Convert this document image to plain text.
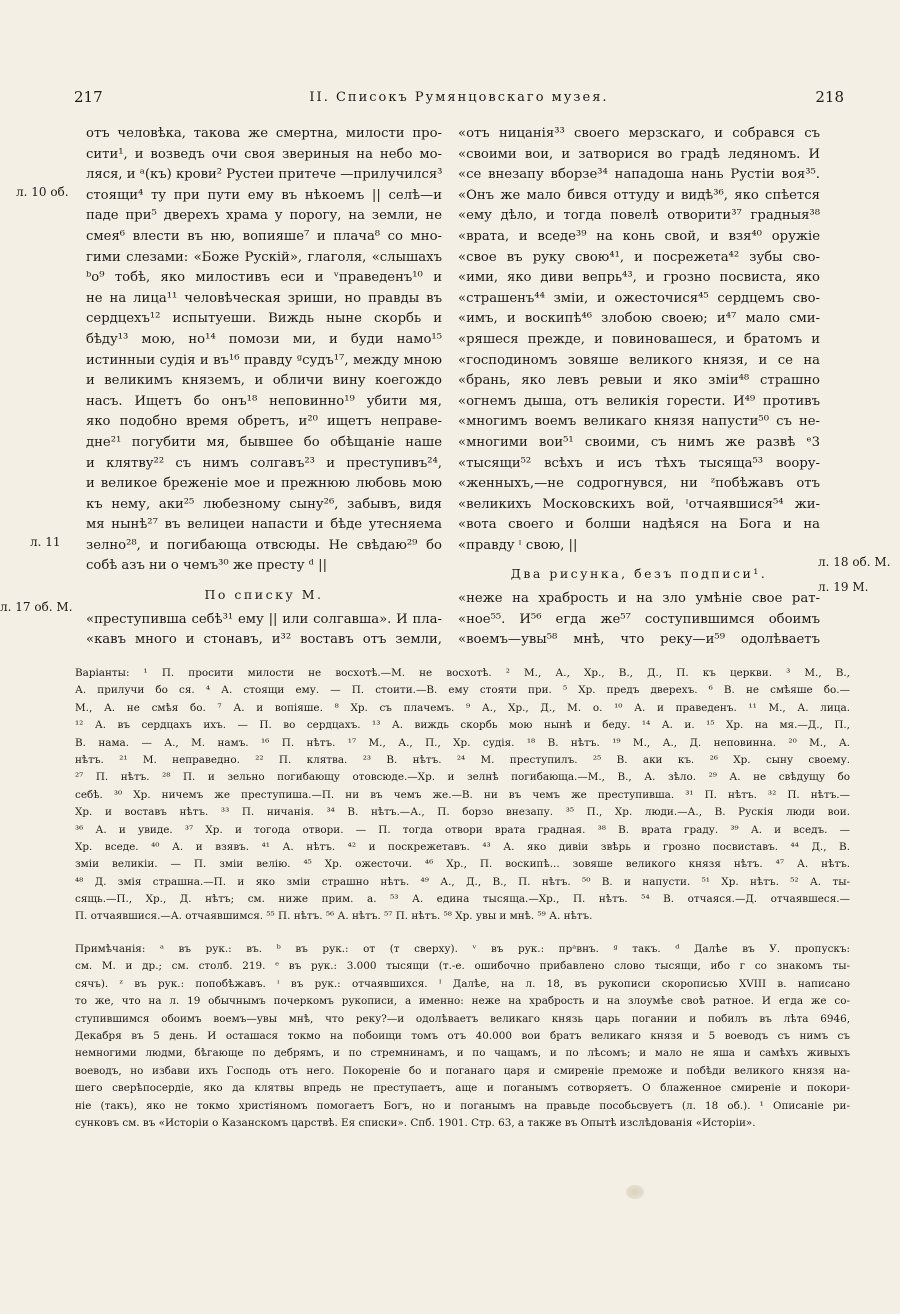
217	II. Списокъ Румянцовскаго музея.	218
л. 10 об.
л. 11
л. 17 об. М.
л. 18 об. М.
л. 19 М.
отъ человѣка, такова же смертна, милости про-
сити¹, и возведъ очи своя звериныя на небо мо-
ляся, и ᵃ(къ) крови² Рустеи притече —прилучился³
стоящи⁴ ту при пути ему въ нѣкоемъ || селѣ—и
паде при⁵ дверехъ храма у порогу, на земли, не
смея⁶ влести въ ню, вопияше⁷ и плача⁸ со мно-
гими слезами: «Боже Рускій», глаголя, «слышахъ
ᵇо⁹ тобѣ, яко милостивъ еси и ᵛправеденъ¹⁰ и
не на лица¹¹ человѣческая зриши, но правды въ
сердцехъ¹² испытуеши. Виждь ныне скорбь и
бѣду¹³ мою, но¹⁴ помози ми, и буди намо¹⁵
истинныи судія и въ¹⁶ правду ᵍсудъ¹⁷, между мною
и великимъ княземъ, и обличи вину коегождо
насъ. Ищетъ бо онъ¹⁸ неповинно¹⁹ убити мя,
яко подобно время обретъ, и²⁰ ищетъ неправе-
дне²¹ погубити мя, бывшее бо обѣщаніе наше
и клятву²² съ нимъ солгавъ²³ и преступивъ²⁴,
и великое бреженіе мое и прежнюю любовь мою
къ нему, аки²⁵ любезному сыну²⁶, забывъ, видя
мя нынѣ²⁷ въ велицеи напасти и бѣде утесняема
зелно²⁸, и погибающа отвсюды. Не свѣдаю²⁹ бо
собѣ азъ ни о чемъ³⁰ же престу ᵈ ||
По списку М.
«преступивша себѣ³¹ ему || или солгавша». И пла-
«кавъ много и стонавъ, и³² воставъ отъ земли,
«отъ ницанія³³ своего мерзскаго, и собрався съ
«своими вои, и затворися во градѣ ледяномъ. И
«се внезапу вборзе³⁴ нападоша нань Рустіи воя³⁵.
«Онъ же мало бився оттуду и видѣ³⁶, яко спѣется
«ему дѣло, и тогда повелѣ отворити³⁷ градныя³⁸
«врата, и вседе³⁹ на конь свой, и взя⁴⁰ оружіе
«свое въ руку свою⁴¹, и посрежета⁴² зубы сво-
«ими, яко диви вепрь⁴³, и грозно посвиста, яко
«страшенъ⁴⁴ зміи, и ожесточися⁴⁵ сердцемъ сво-
«имъ, и воскипѣ⁴⁶ злобою своею; и⁴⁷ мало сми-
«ряшеся прежде, и повиновашеся, и братомъ и
«господиномъ зовяше великого князя, и се на
«брань, яко левъ ревыи и яко зміи⁴⁸ страшно
«огнемъ дыша, отъ великія горести. И⁴⁹ противъ
«многимъ воемъ великаго князя напусти⁵⁰ съ не-
«многими вои⁵¹ своими, съ нимъ же развѣ ᵉ3
«тысящи⁵² всѣхъ и исъ тѣхъ тысяща⁵³ воору-
«женныхъ,—не содрогнувся, ни ᶻпобѣжавъ отъ
«великихъ Московскихъ вой, ᶦотчаявшися⁵⁴ жи-
«вота своего и болши надѣяся на Бога и на
«правду ᶦ свою, ||
Два рисунка, безъ подписи¹.
«неже на храбрость и на зло умѣніе свое рат-
«ное⁵⁵. И⁵⁶ егда же⁵⁷ соступившимся обоимъ
«воемъ—увы⁵⁸ мнѣ, что реку—и⁵⁹ одолѣваетъ
Варіанты: ¹ П. просити милости не восхотѣ.—М. не восхотѣ. ² М., А., Хр., В., Д., П. къ церкви. ³ М., В.,
А. прилучи бо ся. ⁴ А. стоящи ему. — П. стоити.—В. ему стояти при. ⁵ Хр. предъ дверехъ. ⁶ В. не смѣяше бо.—
М., А. не смѣя бо. ⁷ А. и вопіяше. ⁸ Хр. съ плачемъ. ⁹ А., Хр., Д., М. о. ¹⁰ А. и праведенъ. ¹¹ М., А. лица.
¹² А. въ сердцахъ ихъ. — П. во сердцахъ. ¹³ А. виждь скорбь мою нынѣ и беду. ¹⁴ А. и. ¹⁵ Хр. на мя.—Д., П.,
В. нама. — А., М. намъ. ¹⁶ П. нѣтъ. ¹⁷ М., А., П., Хр. судія. ¹⁸ В. нѣтъ. ¹⁹ М., А., Д. неповинна. ²⁰ М., А.
нѣтъ. ²¹ М. неправедно. ²² П. клятва. ²³ В. нѣтъ. ²⁴ М. преступилъ. ²⁵ В. аки къ. ²⁶ Хр. сыну своему.
²⁷ П. нѣтъ. ²⁸ П. и зельно погибающу отовсюде.—Хр. и зелнѣ погибающа.—М., В., А. зѣло. ²⁹ А. не свѣдущу бо
себѣ. ³⁰ Хр. ничемъ же преступиша.—П. ни въ чемъ же.—В. ни въ чемъ же преступивша. ³¹ П. нѣтъ. ³² П. нѣтъ.—
Хр. и воставъ нѣтъ. ³³ П. ничанія. ³⁴ В. нѣтъ.—А., П. борзо внезапу. ³⁵ П., Хр. люди.—А., В. Рускія люди вои.
³⁶ А. и увиде. ³⁷ Хр. и тогода отвори. — П. тогда отвори врата градная. ³⁸ В. врата граду. ³⁹ А. и вседъ. —
Хр. вседе. ⁴⁰ А. и взявъ. ⁴¹ А. нѣтъ. ⁴² и поскрежетавъ. ⁴³ А. яко дивіи звѣрь и грозно посвиставъ. ⁴⁴ Д., В.
зміи великіи. — П. зміи велію. ⁴⁵ Хр. ожесточи. ⁴⁶ Хр., П. воскипѣ... зовяше великого князя нѣтъ. ⁴⁷ А. нѣтъ.
⁴⁸ Д. змія страшна.—П. и яко зміи страшно нѣтъ. ⁴⁹ А., Д., В., П. нѣтъ. ⁵⁰ В. и напусти. ⁵¹ Хр. нѣтъ. ⁵² А. ты-
сящь.—П., Хр., Д. нѣтъ; см. ниже прим. а. ⁵³ А. едина тысяща.—Хр., П. нѣтъ. ⁵⁴ В. отчаяся.—Д. отчаявшеся.—
П. отчаявшися.—А. отчаявшимся. ⁵⁵ П. нѣтъ. ⁵⁶ А. нѣтъ. ⁵⁷ П. нѣтъ. ⁵⁸ Хр. увы и мнѣ. ⁵⁹ А. нѣтъ.
Примѣчанія: ᵃ въ рук.: въ. ᵇ въ рук.: от (т сверху). ᵛ въ рук.: прᵃвнъ. ᵍ такъ. ᵈ Далѣе въ У. пропускъ:
см. М. и др.; см. столб. 219. ᵉ въ рук.: 3.000 тысящи (т.-е. ошибочно прибавлено слово тысящи, ибо г со знакомъ ты-
сячъ). ᶻ въ рук.: попобѣжавъ. ᶦ въ рук.: отчаявшихся. ᴵ Далѣе, на л. 18, въ рукописи скорописью XVIII в. написано
то же, что на л. 19 обычнымъ почеркомъ рукописи, а именно: неже на храбрость и на злоумѣе своѣ ратное. И егда же со-
ступившимся обоимъ воемъ—увы мнѣ, что реку?—и одолѣваетъ великаго князь царь погании и побилъ въ лѣта 6946,
Декабря въ 5 день. И осташася токмо на побоищи томъ отъ 40.000 вои братъ великаго князя и 5 воеводъ съ нимъ съ
немногими людми, бѣгающе по дебрямъ, и по стремнинамъ, и по чащамъ, и по лѣсомъ; и мало не яша и самѣхъ живыхъ
воеводъ, но избави ихъ Господь отъ него. Покореніе бо и поганаго царя и смиреніе преможе и побѣди великого князя на-
шего сверѣпосердіе, яко да клятвы впредь не преступаетъ, аще и поганымъ сотворяетъ. О блаженное смиреніе и покори-
ніе (такъ), яко не токмо христіяномъ помогаетъ Богъ, но и поганымъ на правьде пособьсвуетъ (л. 18 об.). ¹ Описаніе ри-
сунковъ см. въ «Исторіи о Казанскомъ царствѣ. Ея списки». Спб. 1901. Стр. 63, а также въ Опытѣ изслѣдованія «Исторіи».
